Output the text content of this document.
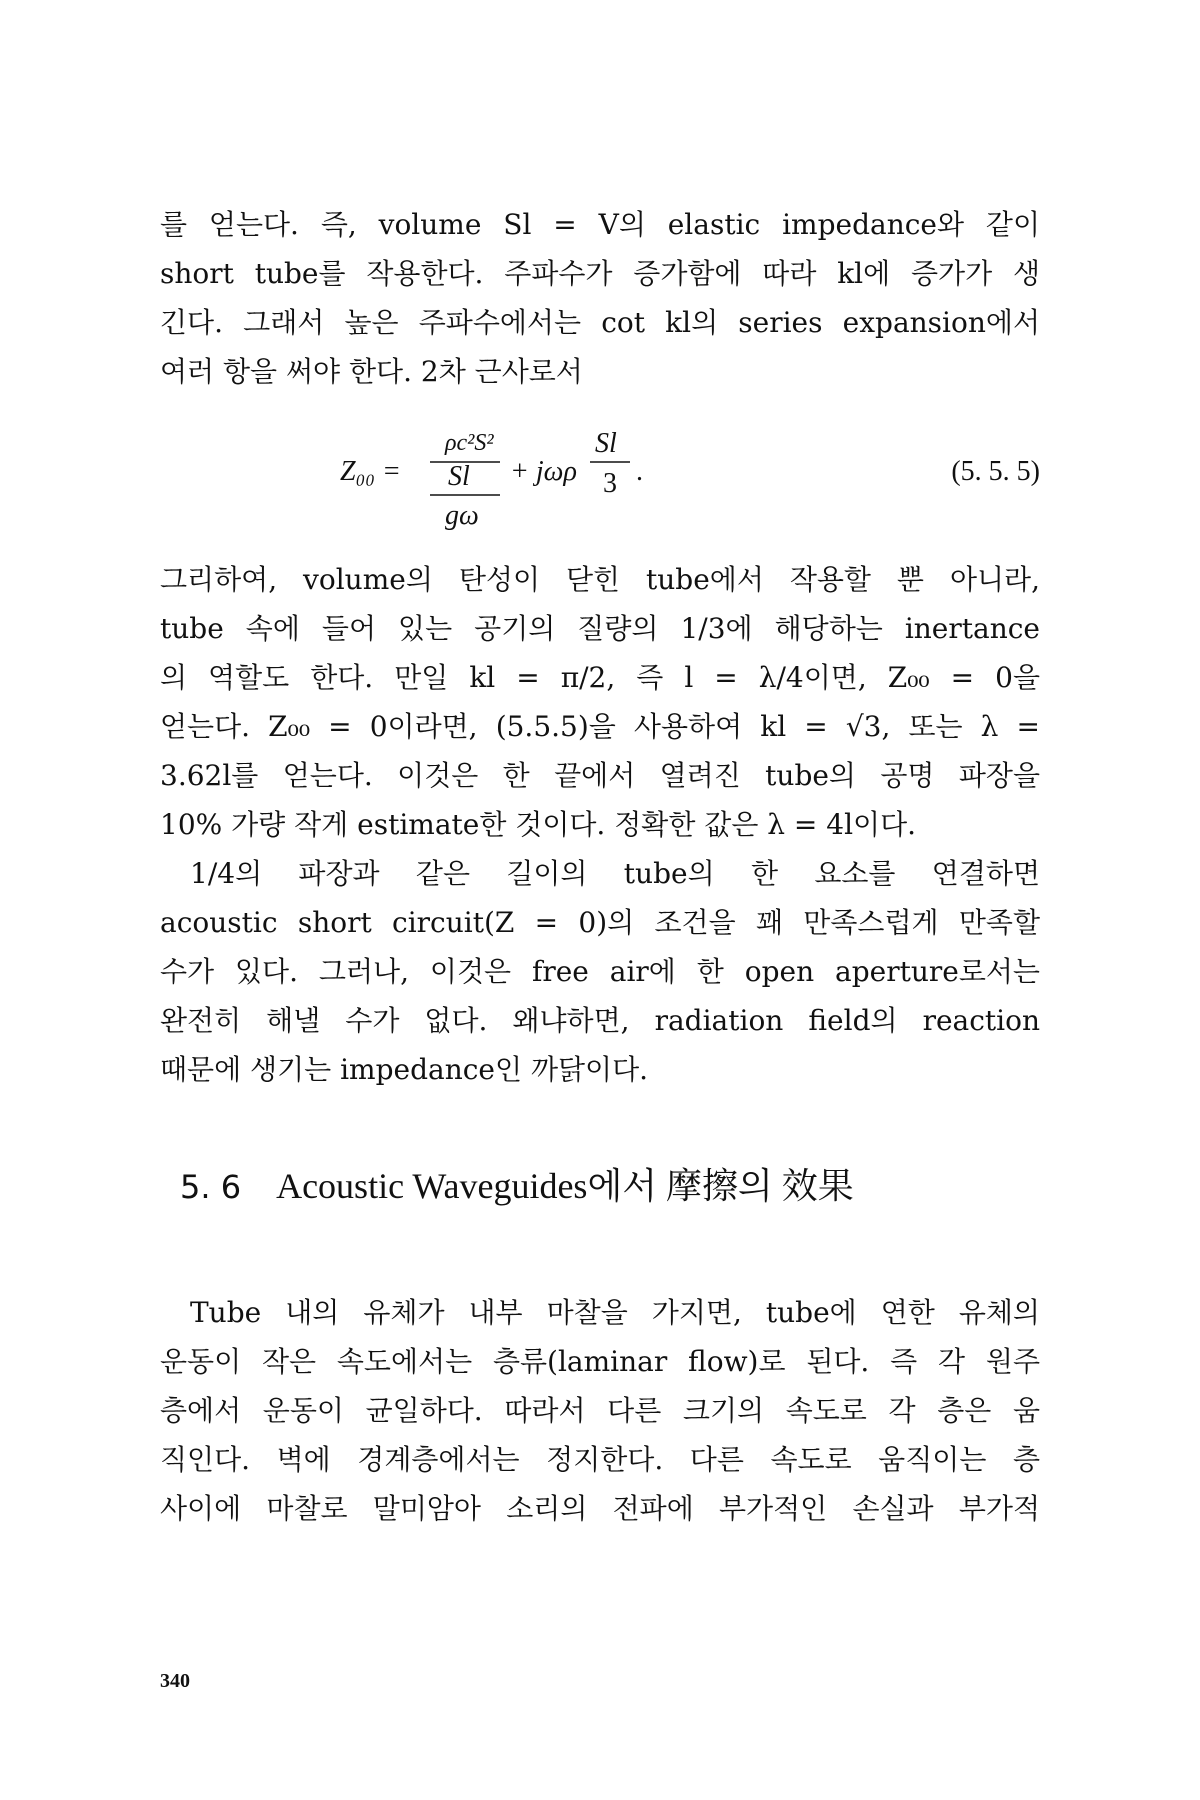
를 얻는다. 즉, volume Sl = V의 elastic impedance와 같이
short tube를 작용한다. 주파수가 증가함에 따라 kl에 증가가 생
긴다. 그래서 높은 주파수에서는 cot kl의 series expansion에서
여러 항을 써야 한다. 2차 근사로서
Z₀₀ =
ρc²S²
Sl
gω
+ jωρ
Sl
3 .	(5. 5. 5)
그리하여, volume의 탄성이 닫힌 tube에서 작용할 뿐 아니라,
tube 속에 들어 있는 공기의 질량의 1/3에 해당하는 inertance
의 역할도 한다. 만일 kl = π/2, 즉 l = λ/4이면, Z₀₀ = 0을
얻는다. Z₀₀ = 0이라면, (5.5.5)을 사용하여 kl = √3, 또는 λ =
3.62l를 얻는다. 이것은 한 끝에서 열려진 tube의 공명 파장을
10% 가량 작게 estimate한 것이다. 정확한 값은 λ = 4l이다.
1/4의 파장과 같은 길이의 tube의 한 요소를 연결하면
acoustic short circuit(Z = 0)의 조건을 꽤 만족스럽게 만족할
수가 있다. 그러나, 이것은 free air에 한 open aperture로서는
완전히 해낼 수가 없다. 왜냐하면, radiation field의 reaction
때문에 생기는 impedance인 까닭이다.
5. 6 Acoustic Waveguides에서 摩擦의 效果
Tube 내의 유체가 내부 마찰을 가지면, tube에 연한 유체의
운동이 작은 속도에서는 층류(laminar flow)로 된다. 즉 각 원주
층에서 운동이 균일하다. 따라서 다른 크기의 속도로 각 층은 움
직인다. 벽에 경계층에서는 정지한다. 다른 속도로 움직이는 층
사이에 마찰로 말미암아 소리의 전파에 부가적인 손실과 부가적
340
